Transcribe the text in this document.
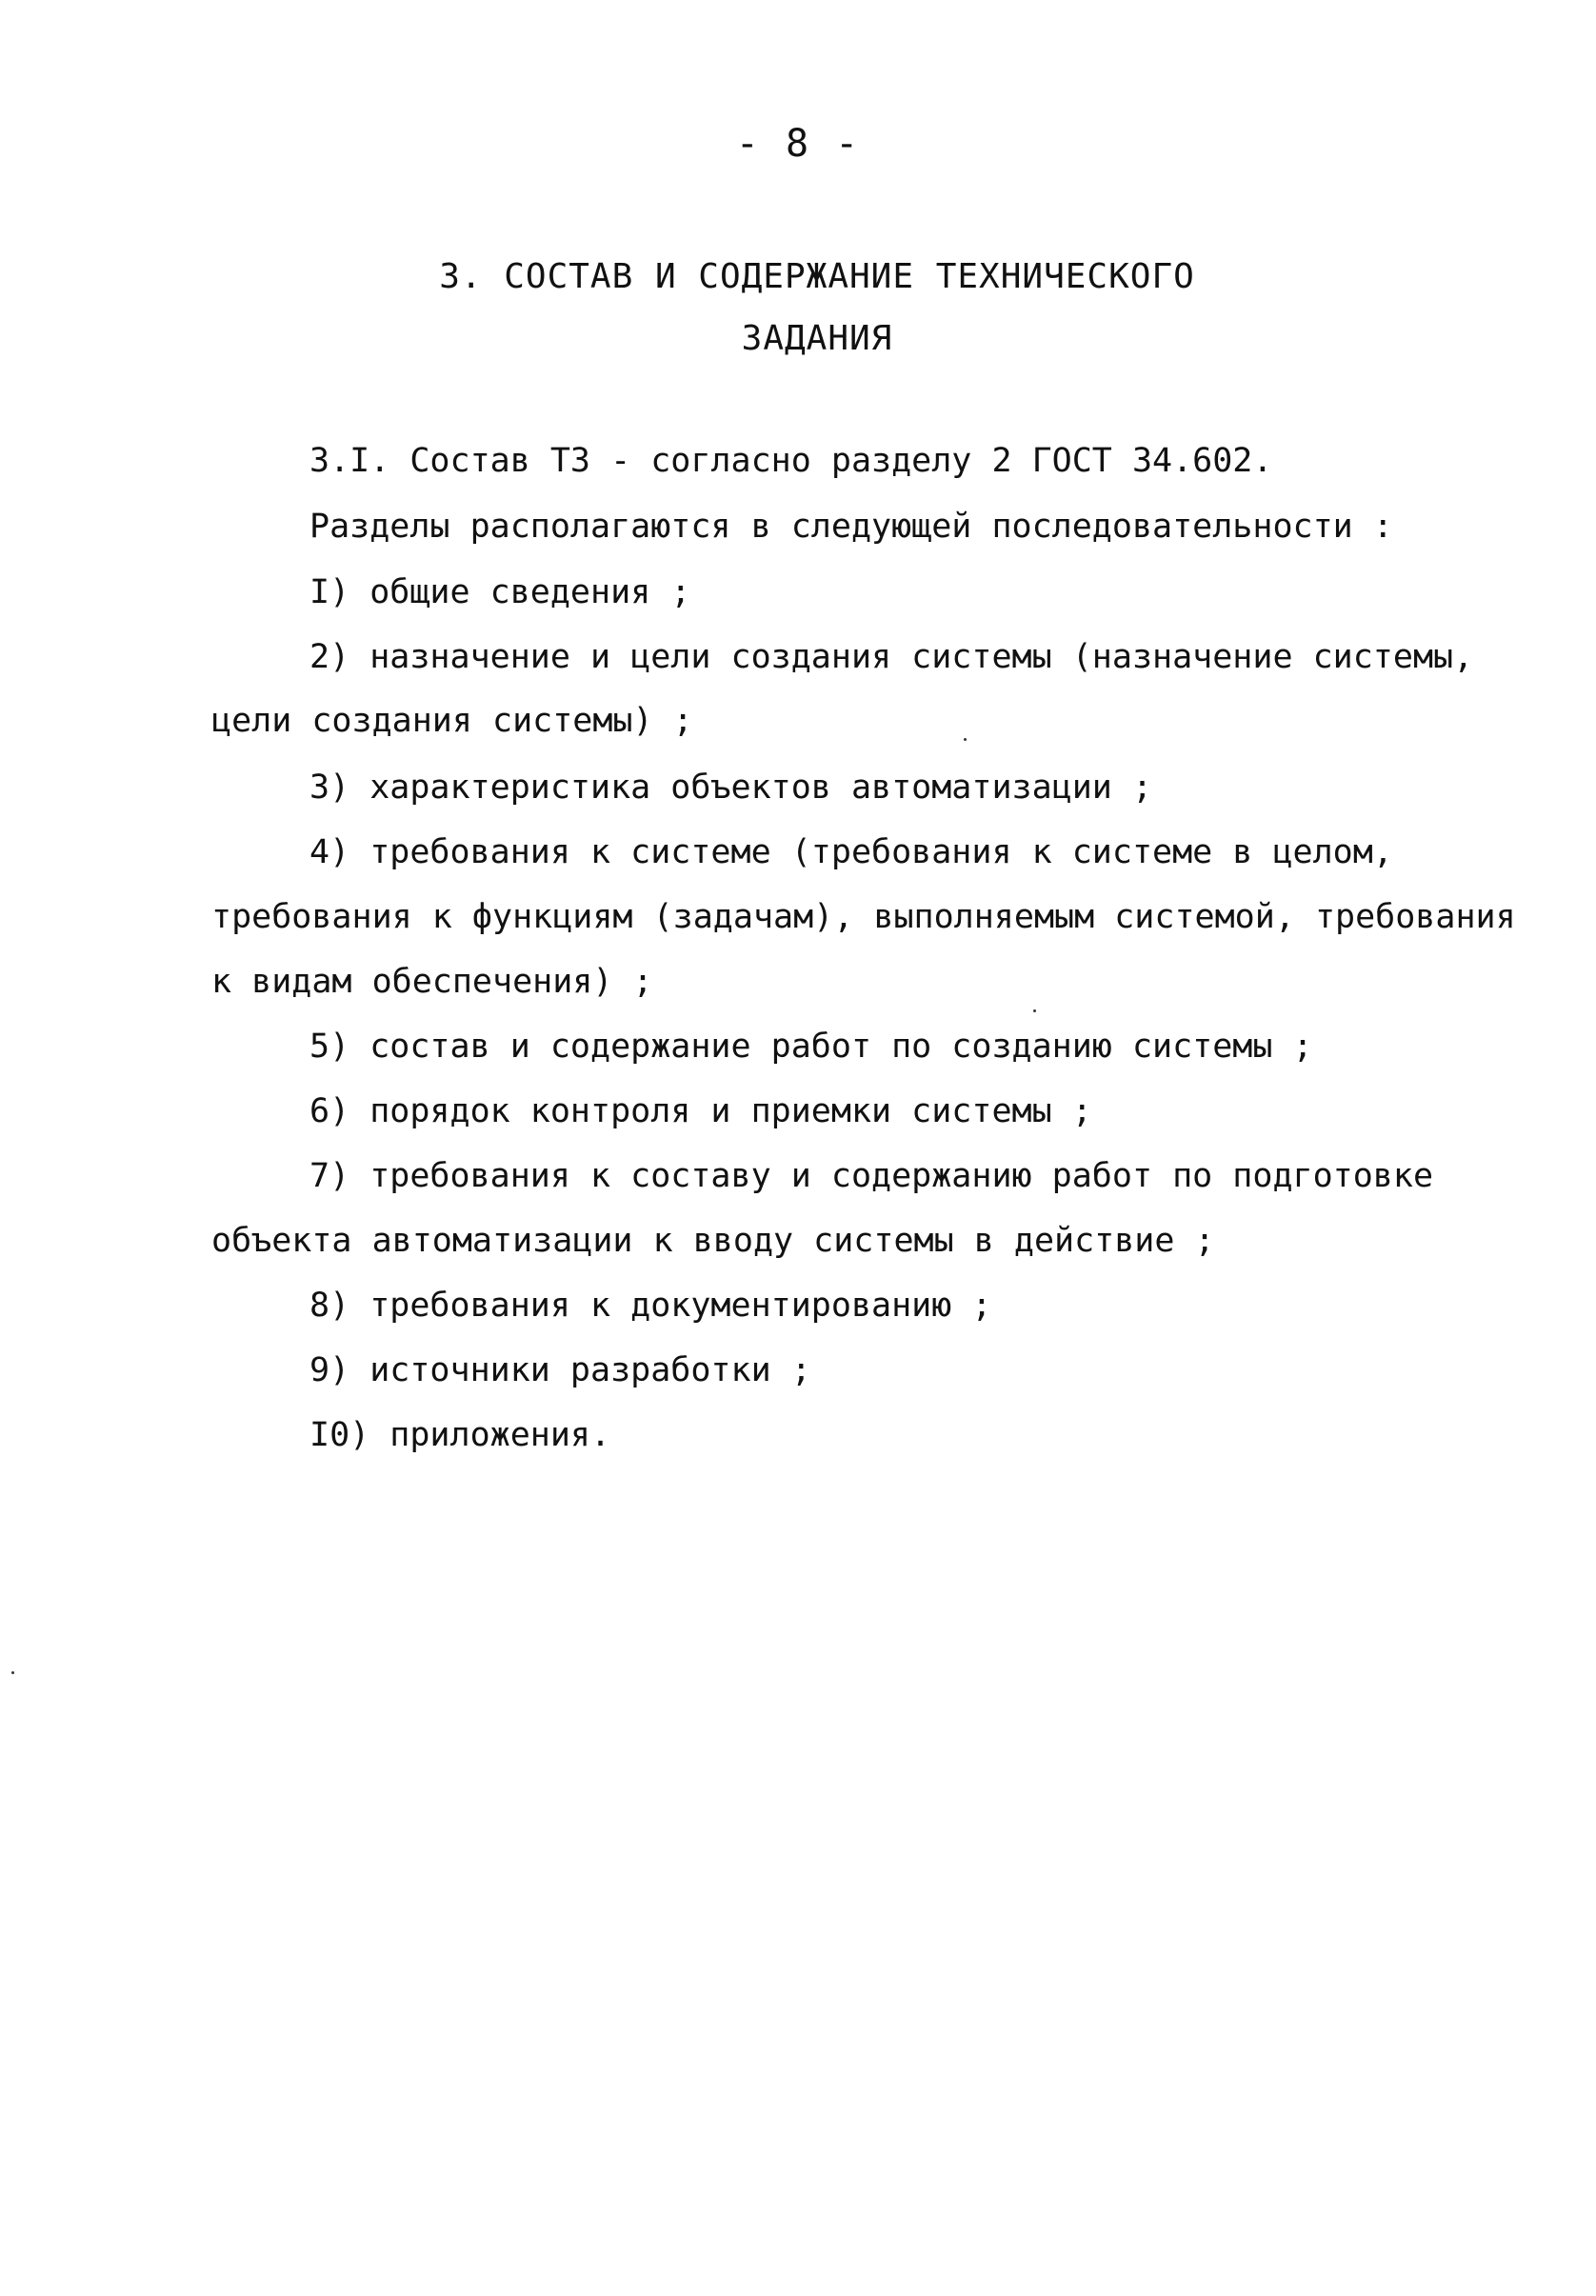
- 8 -
3. СОСТАВ И СОДЕРЖАНИЕ ТЕХНИЧЕСКОГО
ЗАДАНИЯ
3.I. Состав ТЗ - согласно разделу 2 ГОСТ 34.602.
Разделы располагаются в следующей последовательности :
I) общие сведения ;
2) назначение и цели создания системы (назначение системы,
цели создания системы) ;
3) характеристика объектов автоматизации ;
4) требования к системе (требования к системе в целом,
требования к функциям (задачам), выполняемым системой, требования
к видам обеспечения) ;
5) состав и содержание работ по созданию системы ;
6) порядок контроля и приемки системы ;
7) требования к составу и содержанию работ по подготовке
объекта автоматизации к вводу системы в действие ;
8) требования к документированию ;
9) источники разработки ;
I0) приложения.
